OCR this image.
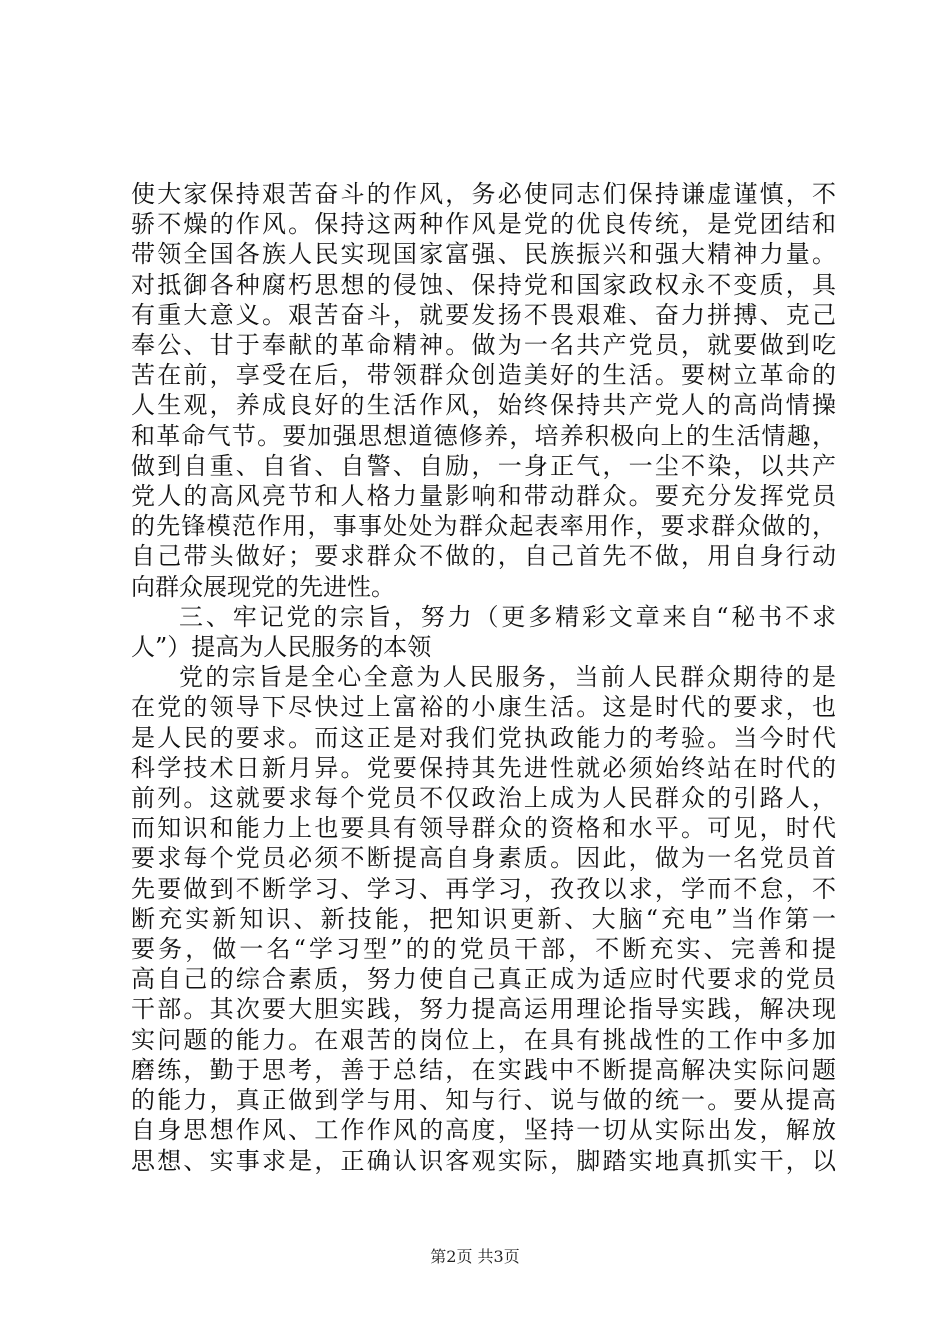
使大家保持艰苦奋斗的作风，务必使同志们保持谦虚谨慎，不
骄不燥的作风。保持这两种作风是党的优良传统，是党团结和
带领全国各族人民实现国家富强、民族振兴和强大精神力量。
对抵御各种腐朽思想的侵蚀、保持党和国家政权永不变质，具
有重大意义。艰苦奋斗，就要发扬不畏艰难、奋力拼搏、克己
奉公、甘于奉献的革命精神。做为一名共产党员，就要做到吃
苦在前，享受在后，带领群众创造美好的生活。要树立革命的
人生观，养成良好的生活作风，始终保持共产党人的高尚情操
和革命气节。要加强思想道德修养，培养积极向上的生活情趣，
做到自重、自省、自警、自励，一身正气，一尘不染，以共产
党人的高风亮节和人格力量影响和带动群众。要充分发挥党员
的先锋模范作用，事事处处为群众起表率用作，要求群众做的，
自己带头做好；要求群众不做的，自己首先不做，用自身行动
向群众展现党的先进性。
三、牢记党的宗旨，努力（更多精彩文章来自“秘书不求
人”）提高为人民服务的本领
党的宗旨是全心全意为人民服务，当前人民群众期待的是
在党的领导下尽快过上富裕的小康生活。这是时代的要求，也
是人民的要求。而这正是对我们党执政能力的考验。当今时代
科学技术日新月异。党要保持其先进性就必须始终站在时代的
前列。这就要求每个党员不仅政治上成为人民群众的引路人，
而知识和能力上也要具有领导群众的资格和水平。可见，时代
要求每个党员必须不断提高自身素质。因此，做为一名党员首
先要做到不断学习、学习、再学习，孜孜以求，学而不怠，不
断充实新知识、新技能，把知识更新、大脑“充电”当作第一
要务，做一名“学习型”的的党员干部，不断充实、完善和提
高自己的综合素质，努力使自己真正成为适应时代要求的党员
干部。其次要大胆实践，努力提高运用理论指导实践，解决现
实问题的能力。在艰苦的岗位上，在具有挑战性的工作中多加
磨练，勤于思考，善于总结，在实践中不断提高解决实际问题
的能力，真正做到学与用、知与行、说与做的统一。要从提高
自身思想作风、工作作风的高度，坚持一切从实际出发，解放
思想、实事求是，正确认识客观实际，脚踏实地真抓实干，以
第2页 共3页
